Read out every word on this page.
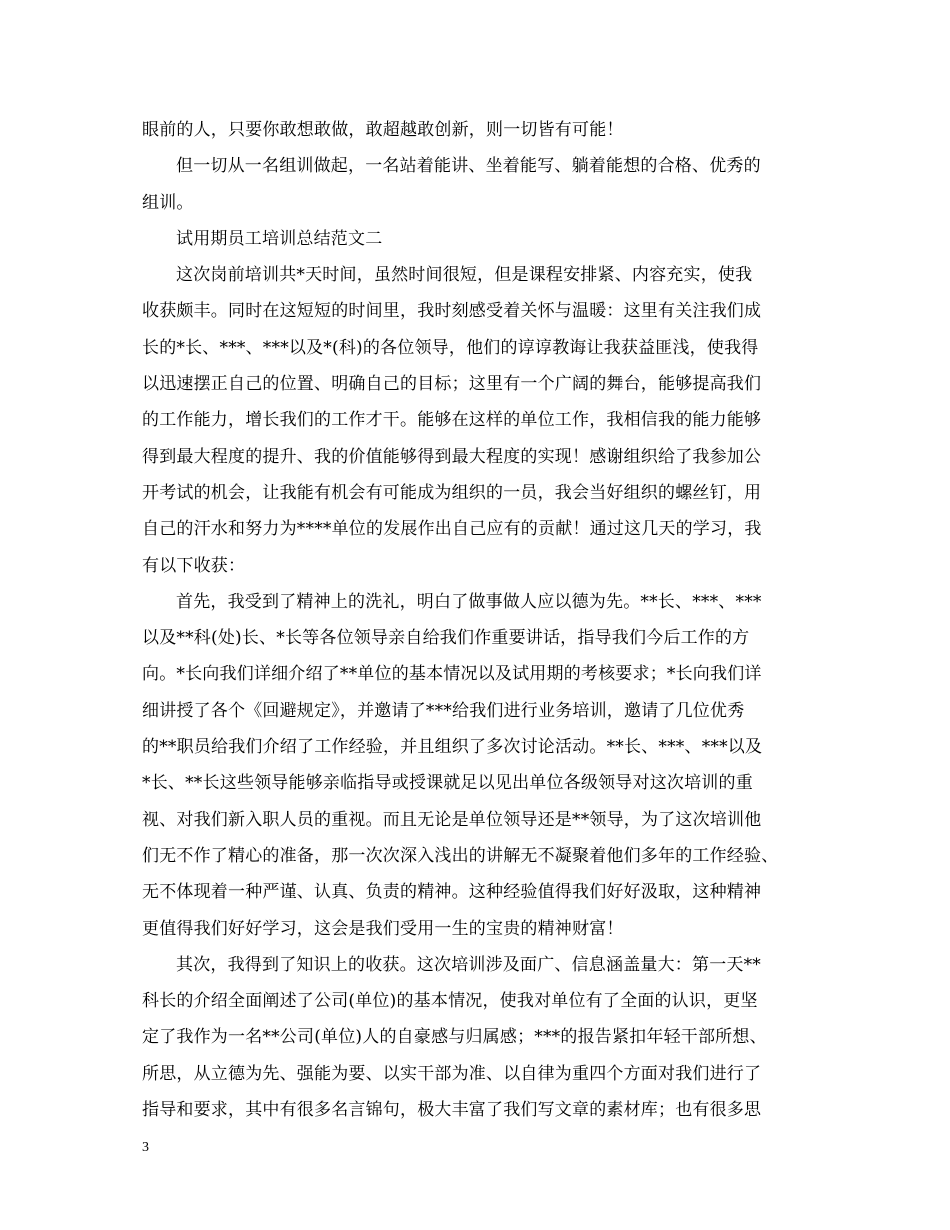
眼前的人，只要你敢想敢做，敢超越敢创新，则一切皆有可能！
但一切从一名组训做起，一名站着能讲、坐着能写、躺着能想的合格、优秀的
组训。
试用期员工培训总结范文二
这次岗前培训共*天时间，虽然时间很短，但是课程安排紧、内容充实，使我
收获颇丰。同时在这短短的时间里，我时刻感受着关怀与温暖：这里有关注我们成
长的*长、***、***以及*(科)的各位领导，他们的谆谆教诲让我获益匪浅，使我得
以迅速摆正自己的位置、明确自己的目标；这里有一个广阔的舞台，能够提高我们
的工作能力，增长我们的工作才干。能够在这样的单位工作，我相信我的能力能够
得到最大程度的提升、我的价值能够得到最大程度的实现！感谢组织给了我参加公
开考试的机会，让我能有机会有可能成为组织的一员，我会当好组织的螺丝钉，用
自己的汗水和努力为****单位的发展作出自己应有的贡献！通过这几天的学习，我
有以下收获：
首先，我受到了精神上的洗礼，明白了做事做人应以德为先。**长、***、***
以及**科(处)长、*长等各位领导亲自给我们作重要讲话，指导我们今后工作的方
向。*长向我们详细介绍了**单位的基本情况以及试用期的考核要求；*长向我们详
细讲授了各个《回避规定》，并邀请了***给我们进行业务培训，邀请了几位优秀
的**职员给我们介绍了工作经验，并且组织了多次讨论活动。**长、***、***以及
*长、**长这些领导能够亲临指导或授课就足以见出单位各级领导对这次培训的重
视、对我们新入职人员的重视。而且无论是单位领导还是**领导，为了这次培训他
们无不作了精心的准备，那一次次深入浅出的讲解无不凝聚着他们多年的工作经验、
无不体现着一种严谨、认真、负责的精神。这种经验值得我们好好汲取，这种精神
更值得我们好好学习，这会是我们受用一生的宝贵的精神财富！
其次，我得到了知识上的收获。这次培训涉及面广、信息涵盖量大：第一天**
科长的介绍全面阐述了公司(单位)的基本情况，使我对单位有了全面的认识，更坚
定了我作为一名**公司(单位)人的自豪感与归属感；***的报告紧扣年轻干部所想、
所思，从立德为先、强能为要、以实干部为准、以自律为重四个方面对我们进行了
指导和要求，其中有很多名言锦句，极大丰富了我们写文章的素材库；也有很多思
3
